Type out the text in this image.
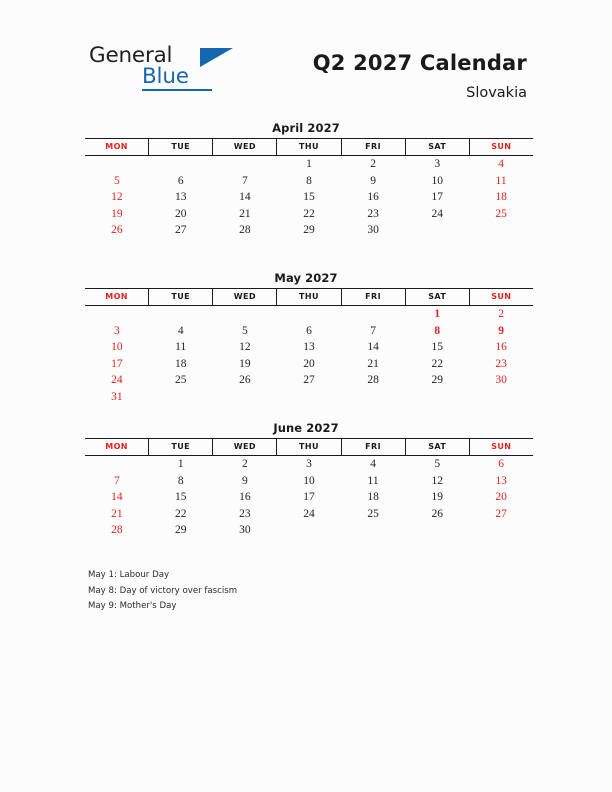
General
Blue
Q2 2027 Calendar
Slovakia
April 2027
MON	TUE	WED	THU	FRI	SAT	SUN
			1	2	3	4
5	6	7	8	9	10	11
12	13	14	15	16	17	18
19	20	21	22	23	24	25
26	27	28	29	30		
May 2027
MON	TUE	WED	THU	FRI	SAT	SUN
					1	2
3	4	5	6	7	8	9
10	11	12	13	14	15	16
17	18	19	20	21	22	23
24	25	26	27	28	29	30
31						
June 2027
MON	TUE	WED	THU	FRI	SAT	SUN
	1	2	3	4	5	6
7	8	9	10	11	12	13
14	15	16	17	18	19	20
21	22	23	24	25	26	27
28	29	30				
May 1: Labour Day
May 8: Day of victory over fascism
May 9: Mother's Day
